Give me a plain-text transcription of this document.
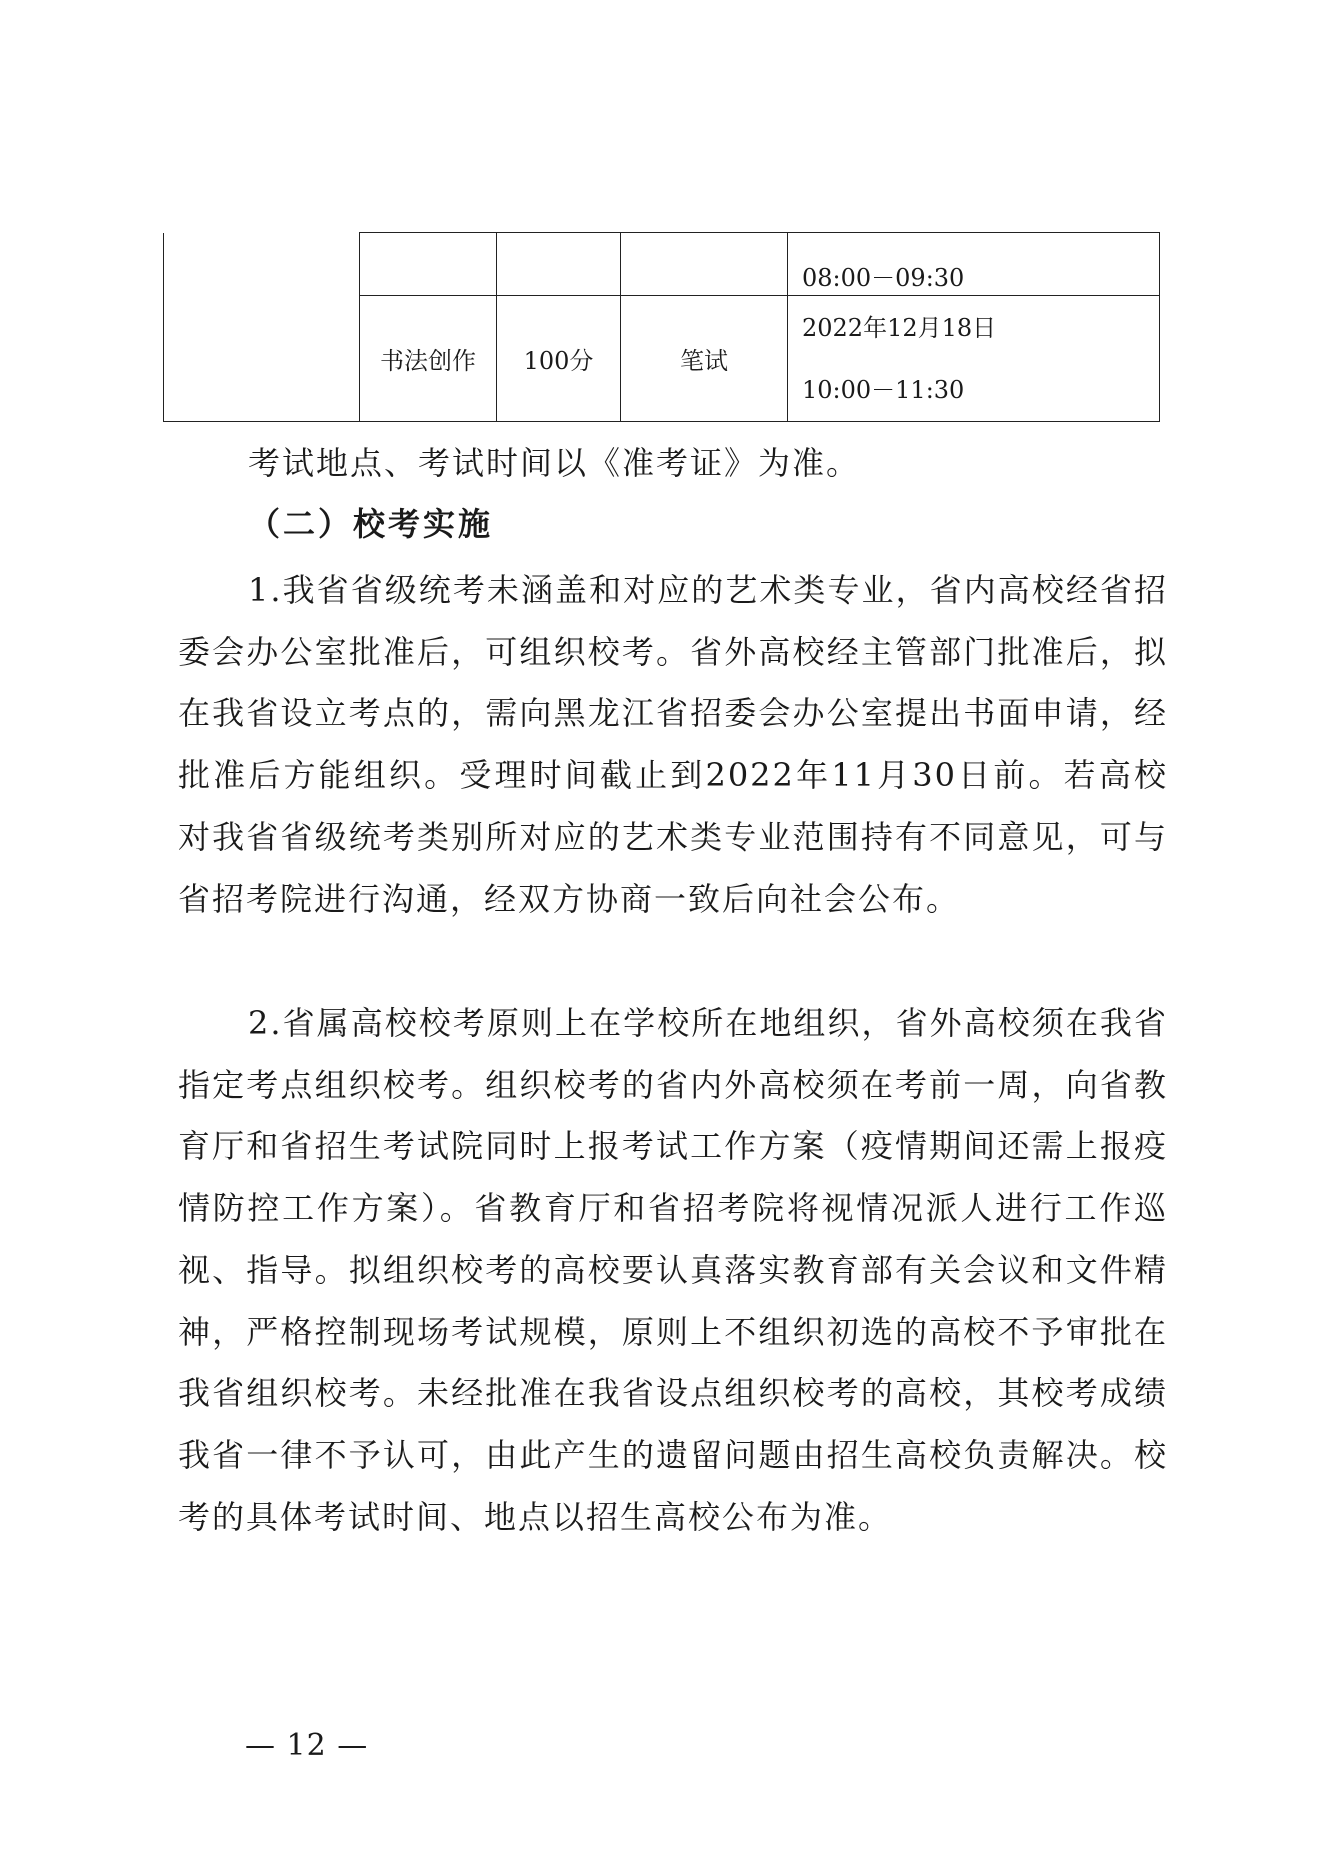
				08:00－09:30

	书法创作	100分	笔试	2022年12月18日
10:00－11:30

考试地点、考试时间以《准考证》为准。

（二）校考实施

1.我省省级统考未涵盖和对应的艺术类专业，省内高校经省招委会办公室批准后，可组织校考。省外高校经主管部门批准后，拟在我省设立考点的，需向黑龙江省招委会办公室提出书面申请，经批准后方能组织。受理时间截止到2022年11月30日前。若高校对我省省级统考类别所对应的艺术类专业范围持有不同意见，可与省招考院进行沟通，经双方协商一致后向社会公布。

2.省属高校校考原则上在学校所在地组织，省外高校须在我省指定考点组织校考。组织校考的省内外高校须在考前一周，向省教育厅和省招生考试院同时上报考试工作方案（疫情期间还需上报疫情防控工作方案）。省教育厅和省招考院将视情况派人进行工作巡视、指导。拟组织校考的高校要认真落实教育部有关会议和文件精神，严格控制现场考试规模，原则上不组织初选的高校不予审批在我省组织校考。未经批准在我省设点组织校考的高校，其校考成绩我省一律不予认可，由此产生的遗留问题由招生高校负责解决。校考的具体考试时间、地点以招生高校公布为准。

— 12 —
